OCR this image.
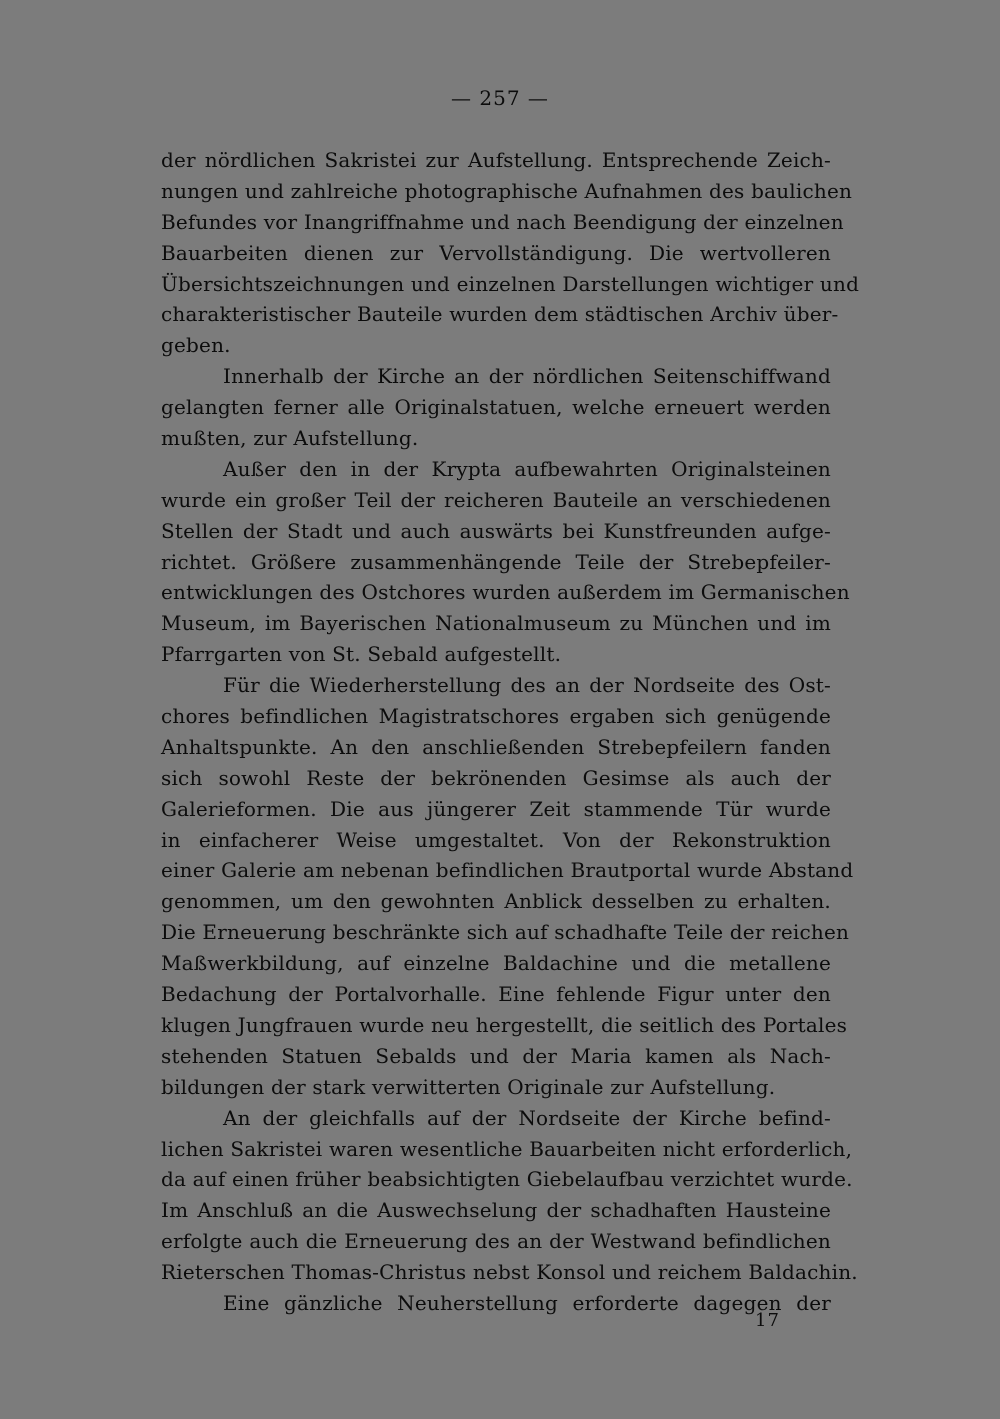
— 257 —
der nördlichen Sakristei zur Aufstellung. Entsprechende Zeich-
nungen und zahlreiche photographische Aufnahmen des baulichen
Befundes vor Inangriffnahme und nach Beendigung der einzelnen
Bauarbeiten dienen zur Vervollständigung. Die wertvolleren
Übersichtszeichnungen und einzelnen Darstellungen wichtiger und
charakteristischer Bauteile wurden dem städtischen Archiv über-
geben.
Innerhalb der Kirche an der nördlichen Seitenschiffwand
gelangten ferner alle Originalstatuen, welche erneuert werden
mußten, zur Aufstellung.
Außer den in der Krypta aufbewahrten Originalsteinen
wurde ein großer Teil der reicheren Bauteile an verschiedenen
Stellen der Stadt und auch auswärts bei Kunstfreunden aufge-
richtet. Größere zusammenhängende Teile der Strebepfeiler-
entwicklungen des Ostchores wurden außerdem im Germanischen
Museum, im Bayerischen Nationalmuseum zu München und im
Pfarrgarten von St. Sebald aufgestellt.
Für die Wiederherstellung des an der Nordseite des Ost-
chores befindlichen Magistratschores ergaben sich genügende
Anhaltspunkte. An den anschließenden Strebepfeilern fanden
sich sowohl Reste der bekrönenden Gesimse als auch der
Galerieformen. Die aus jüngerer Zeit stammende Tür wurde
in einfacherer Weise umgestaltet. Von der Rekonstruktion
einer Galerie am nebenan befindlichen Brautportal wurde Abstand
genommen, um den gewohnten Anblick desselben zu erhalten.
Die Erneuerung beschränkte sich auf schadhafte Teile der reichen
Maßwerkbildung, auf einzelne Baldachine und die metallene
Bedachung der Portalvorhalle. Eine fehlende Figur unter den
klugen Jungfrauen wurde neu hergestellt, die seitlich des Portales
stehenden Statuen Sebalds und der Maria kamen als Nach-
bildungen der stark verwitterten Originale zur Aufstellung.
An der gleichfalls auf der Nordseite der Kirche befind-
lichen Sakristei waren wesentliche Bauarbeiten nicht erforderlich,
da auf einen früher beabsichtigten Giebelaufbau verzichtet wurde.
Im Anschluß an die Auswechselung der schadhaften Hausteine
erfolgte auch die Erneuerung des an der Westwand befindlichen
Rieterschen Thomas-Christus nebst Konsol und reichem Baldachin.
Eine gänzliche Neuherstellung erforderte dagegen der
17
